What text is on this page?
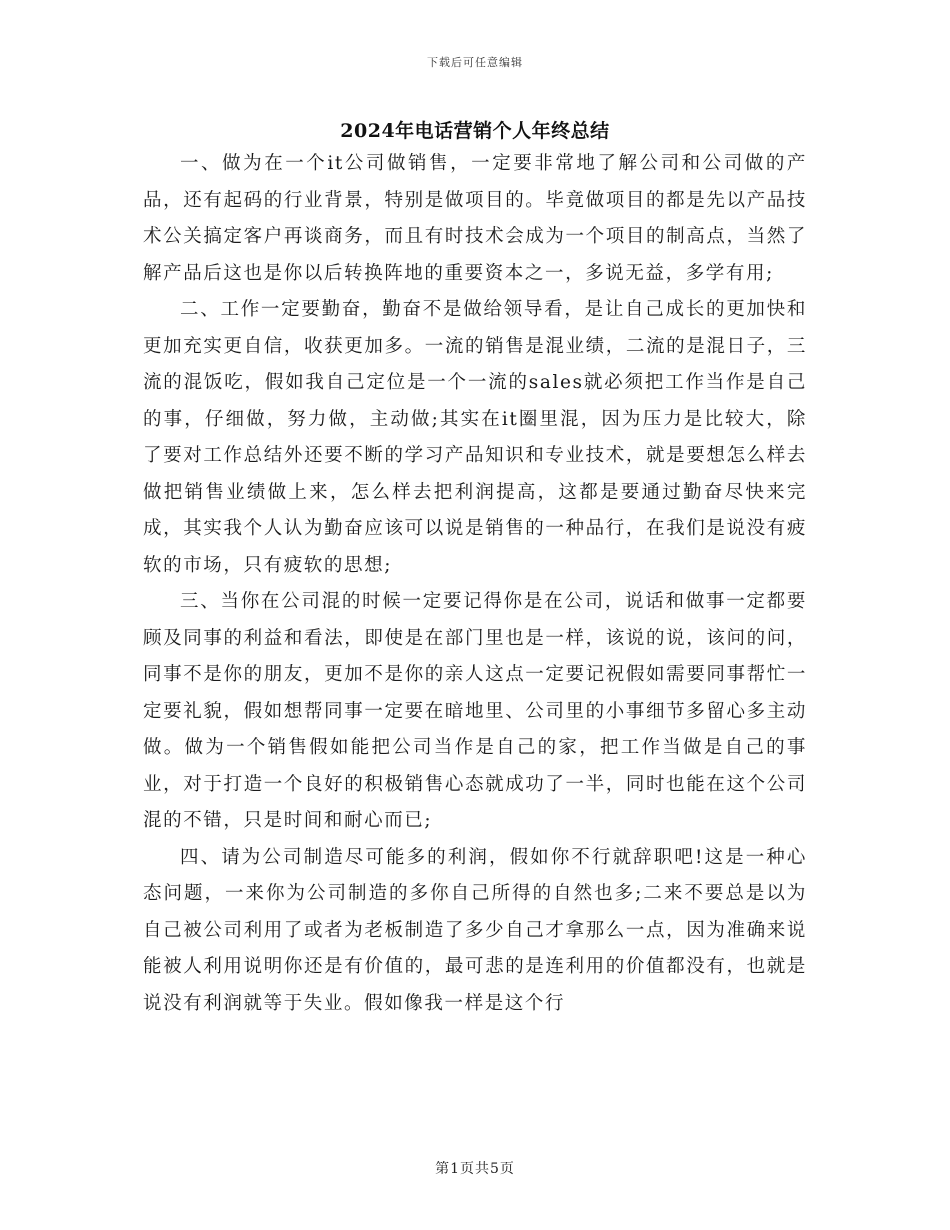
下载后可任意编辑
2024年电话营销个人年终总结

一、做为在一个it公司做销售，一定要非常地了解公司和公司做的产品，还有起码的行业背景，特别是做项目的。毕竟做项目的都是先以产品技术公关搞定客户再谈商务，而且有时技术会成为一个项目的制高点，当然了解产品后这也是你以后转换阵地的重要资本之一，多说无益，多学有用;

二、工作一定要勤奋，勤奋不是做给领导看，是让自己成长的更加快和更加充实更自信，收获更加多。一流的销售是混业绩，二流的是混日子，三流的混饭吃，假如我自己定位是一个一流的sales就必须把工作当作是自己的事，仔细做，努力做，主动做;其实在it圈里混，因为压力是比较大，除了要对工作总结外还要不断的学习产品知识和专业技术，就是要想怎么样去做把销售业绩做上来，怎么样去把利润提高，这都是要通过勤奋尽快来完成，其实我个人认为勤奋应该可以说是销售的一种品行，在我们是说没有疲软的市场，只有疲软的思想;

三、当你在公司混的时候一定要记得你是在公司，说话和做事一定都要顾及同事的利益和看法，即使是在部门里也是一样，该说的说，该问的问，同事不是你的朋友，更加不是你的亲人这点一定要记祝假如需要同事帮忙一定要礼貌，假如想帮同事一定要在暗地里、公司里的小事细节多留心多主动做。做为一个销售假如能把公司当作是自己的家，把工作当做是自己的事业，对于打造一个良好的积极销售心态就成功了一半，同时也能在这个公司混的不错，只是时间和耐心而已;

四、请为公司制造尽可能多的利润，假如你不行就辞职吧!这是一种心态问题，一来你为公司制造的多你自己所得的自然也多;二来不要总是以为自己被公司利用了或者为老板制造了多少自己才拿那么一点，因为准确来说能被人利用说明你还是有价值的，最可悲的是连利用的价值都没有，也就是说没有利润就等于失业。假如像我一样是这个行

第1页共5页
